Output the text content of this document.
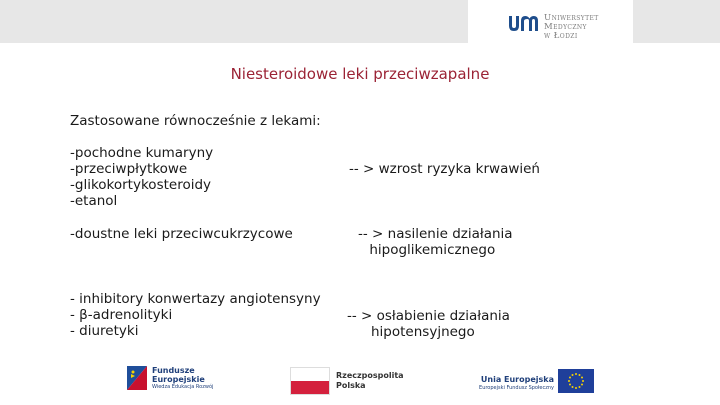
Uniwersytet
Medyczny
w Łodzi
Niesteroidowe leki przeciwzapalne
Zastosowane równocześnie z lekami:
-pochodne kumaryny
-przeciwpłytkowe
-glikokortykosteroidy
-etanol
-- > wzrost ryzyka krwawień
-doustne leki przeciwcukrzycowe	-- > nasilenie działania
hipoglikemicznego
- inhibitory konwertazy angiotensyny
- β-adrenolityki
- diuretyki
-- > osłabienie działania
hipotensyjnego
Fundusze
Europejskie
Wiedza Edukacja Rozwój
Rzeczpospolita
Polska
Unia Europejska
Europejski Fundusz Społeczny
